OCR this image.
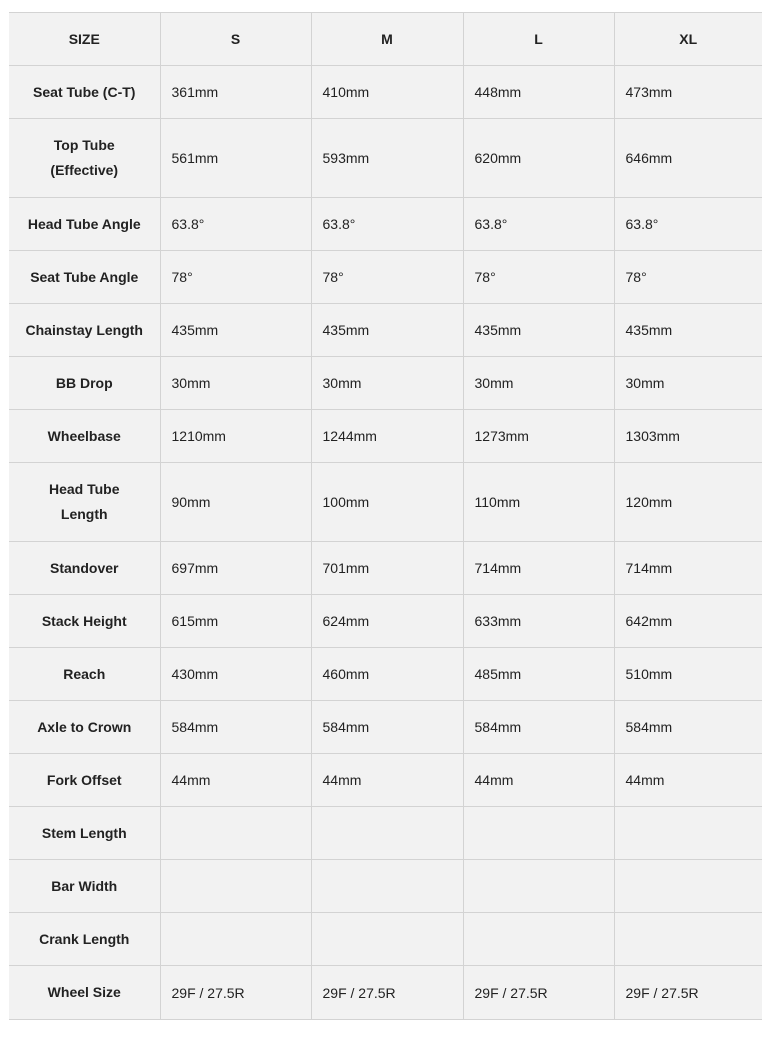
SIZE	S	M	L	XL
Seat Tube (C-T)	361mm	410mm	448mm	473mm

Top Tube (Effective)	561mm	593mm	620mm	646mm
Head Tube Angle	63.8°	63.8°	63.8°	63.8°
Seat Tube Angle	78°	78°	78°	78°
Chainstay Length	435mm	435mm	435mm	435mm
BB Drop	30mm	30mm	30mm	30mm
Wheelbase	1210mm	1244mm	1273mm	1303mm

Head Tube Length	90mm	100mm	110mm	120mm
Standover	697mm	701mm	714mm	714mm
Stack Height	615mm	624mm	633mm	642mm
Reach	430mm	460mm	485mm	510mm
Axle to Crown	584mm	584mm	584mm	584mm
Fork Offset	44mm	44mm	44mm	44mm
Stem Length				
Bar Width				
Crank Length				
Wheel Size	29F / 27.5R	29F / 27.5R	29F / 27.5R	29F / 27.5R
